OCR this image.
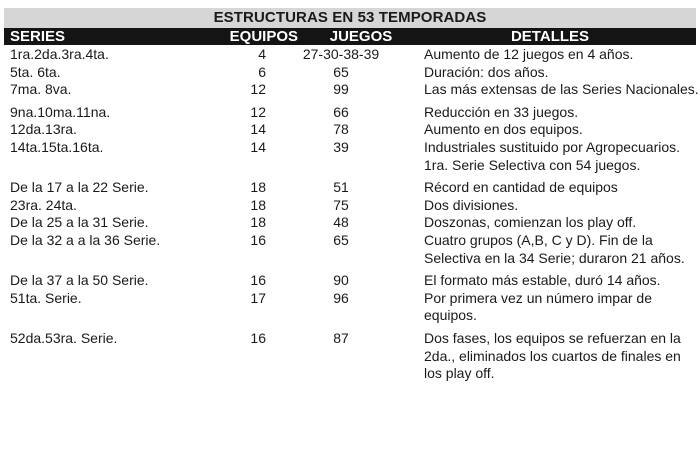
ESTRUCTURAS EN 53 TEMPORADAS
SERIES	EQUIPOS	JUEGOS	DETALLES
1ra.2da.3ra.4ta.	4	27-30-38-39	Aumento de 12 juegos en 4 años.
5ta. 6ta.	6	65	Duración: dos años.
7ma. 8va.	12	99	Las más extensas de las Series Nacionales.
9na.10ma.11na.	12	66	Reducción en 33 juegos.
12da.13ra.	14	78	Aumento en dos equipos.
14ta.15ta.16ta.	14	39	Industriales sustituido por Agropecuarios. 1ra. Serie Selectiva con 54 juegos.
De la 17 a la 22 Serie.	18	51	Récord en cantidad de equipos
23ra. 24ta.	18	75	Dos divisiones.
De la 25 a la 31 Serie.	18	48	Doszonas, comienzan los play off.
De la 32 a a la 36 Serie.	16	65	Cuatro grupos (A,B, C y D). Fin de la Selectiva en la 34 Serie; duraron 21 años.
De la 37 a la 50 Serie.	16	90	El formato más estable, duró 14 años.
51ta. Serie.	17	96	Por primera vez un número impar de equipos.
52da.53ra. Serie.	16	87	Dos fases, los equipos se refuerzan en la 2da., eliminados los cuartos de finales en los play off.
